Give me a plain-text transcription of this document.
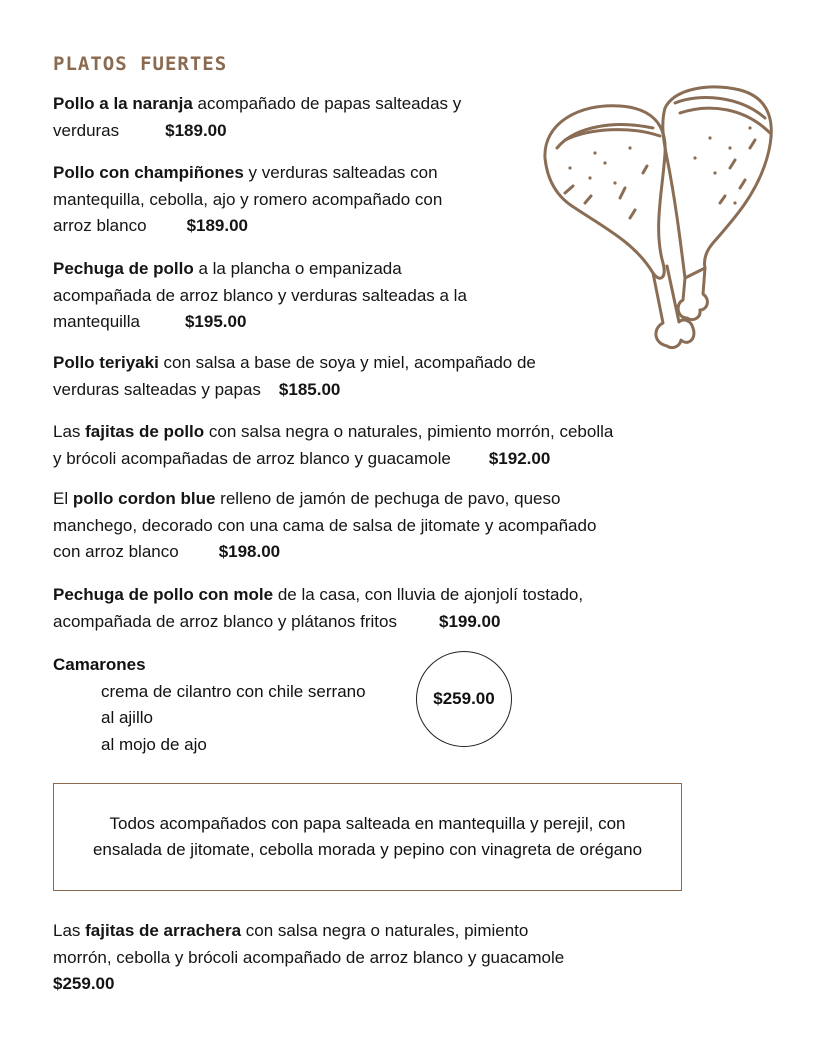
PLATOS FUERTES
Pollo a la naranja acompañado de papas salteadas y
verduras	$189.00
Pollo con champiñones y verduras salteadas con
mantequilla, cebolla, ajo y romero acompañado con
arroz blanco $189.00
Pechuga de pollo a la plancha o empanizada
acompañada de arroz blanco y verduras salteadas a la
mantequilla	$195.00
Pollo teriyaki con salsa a base de soya y miel, acompañado de
verduras salteadas y papas $185.00
Las fajitas de pollo con salsa negra o naturales, pimiento morrón, cebolla
y brócoli acompañadas de arroz blanco y guacamole $192.00
El pollo cordon blue relleno de jamón de pechuga de pavo, queso
manchego, decorado con una cama de salsa de jitomate y acompañado
con arroz blanco $198.00
Pechuga de pollo con mole de la casa, con lluvia de ajonjolí tostado,
acompañada de arroz blanco y plátanos fritos $199.00
Camarones

crema de cilantro con chile serrano
al ajillo
al mojo de ajo
$259.00
Todos acompañados con papa salteada en mantequilla y perejil, con ensalada de jitomate, cebolla morada y pepino con vinagreta de orégano
Las fajitas de arrachera con salsa negra o naturales, pimiento
morrón, cebolla y brócoli acompañado de arroz blanco y guacamole
$259.00
